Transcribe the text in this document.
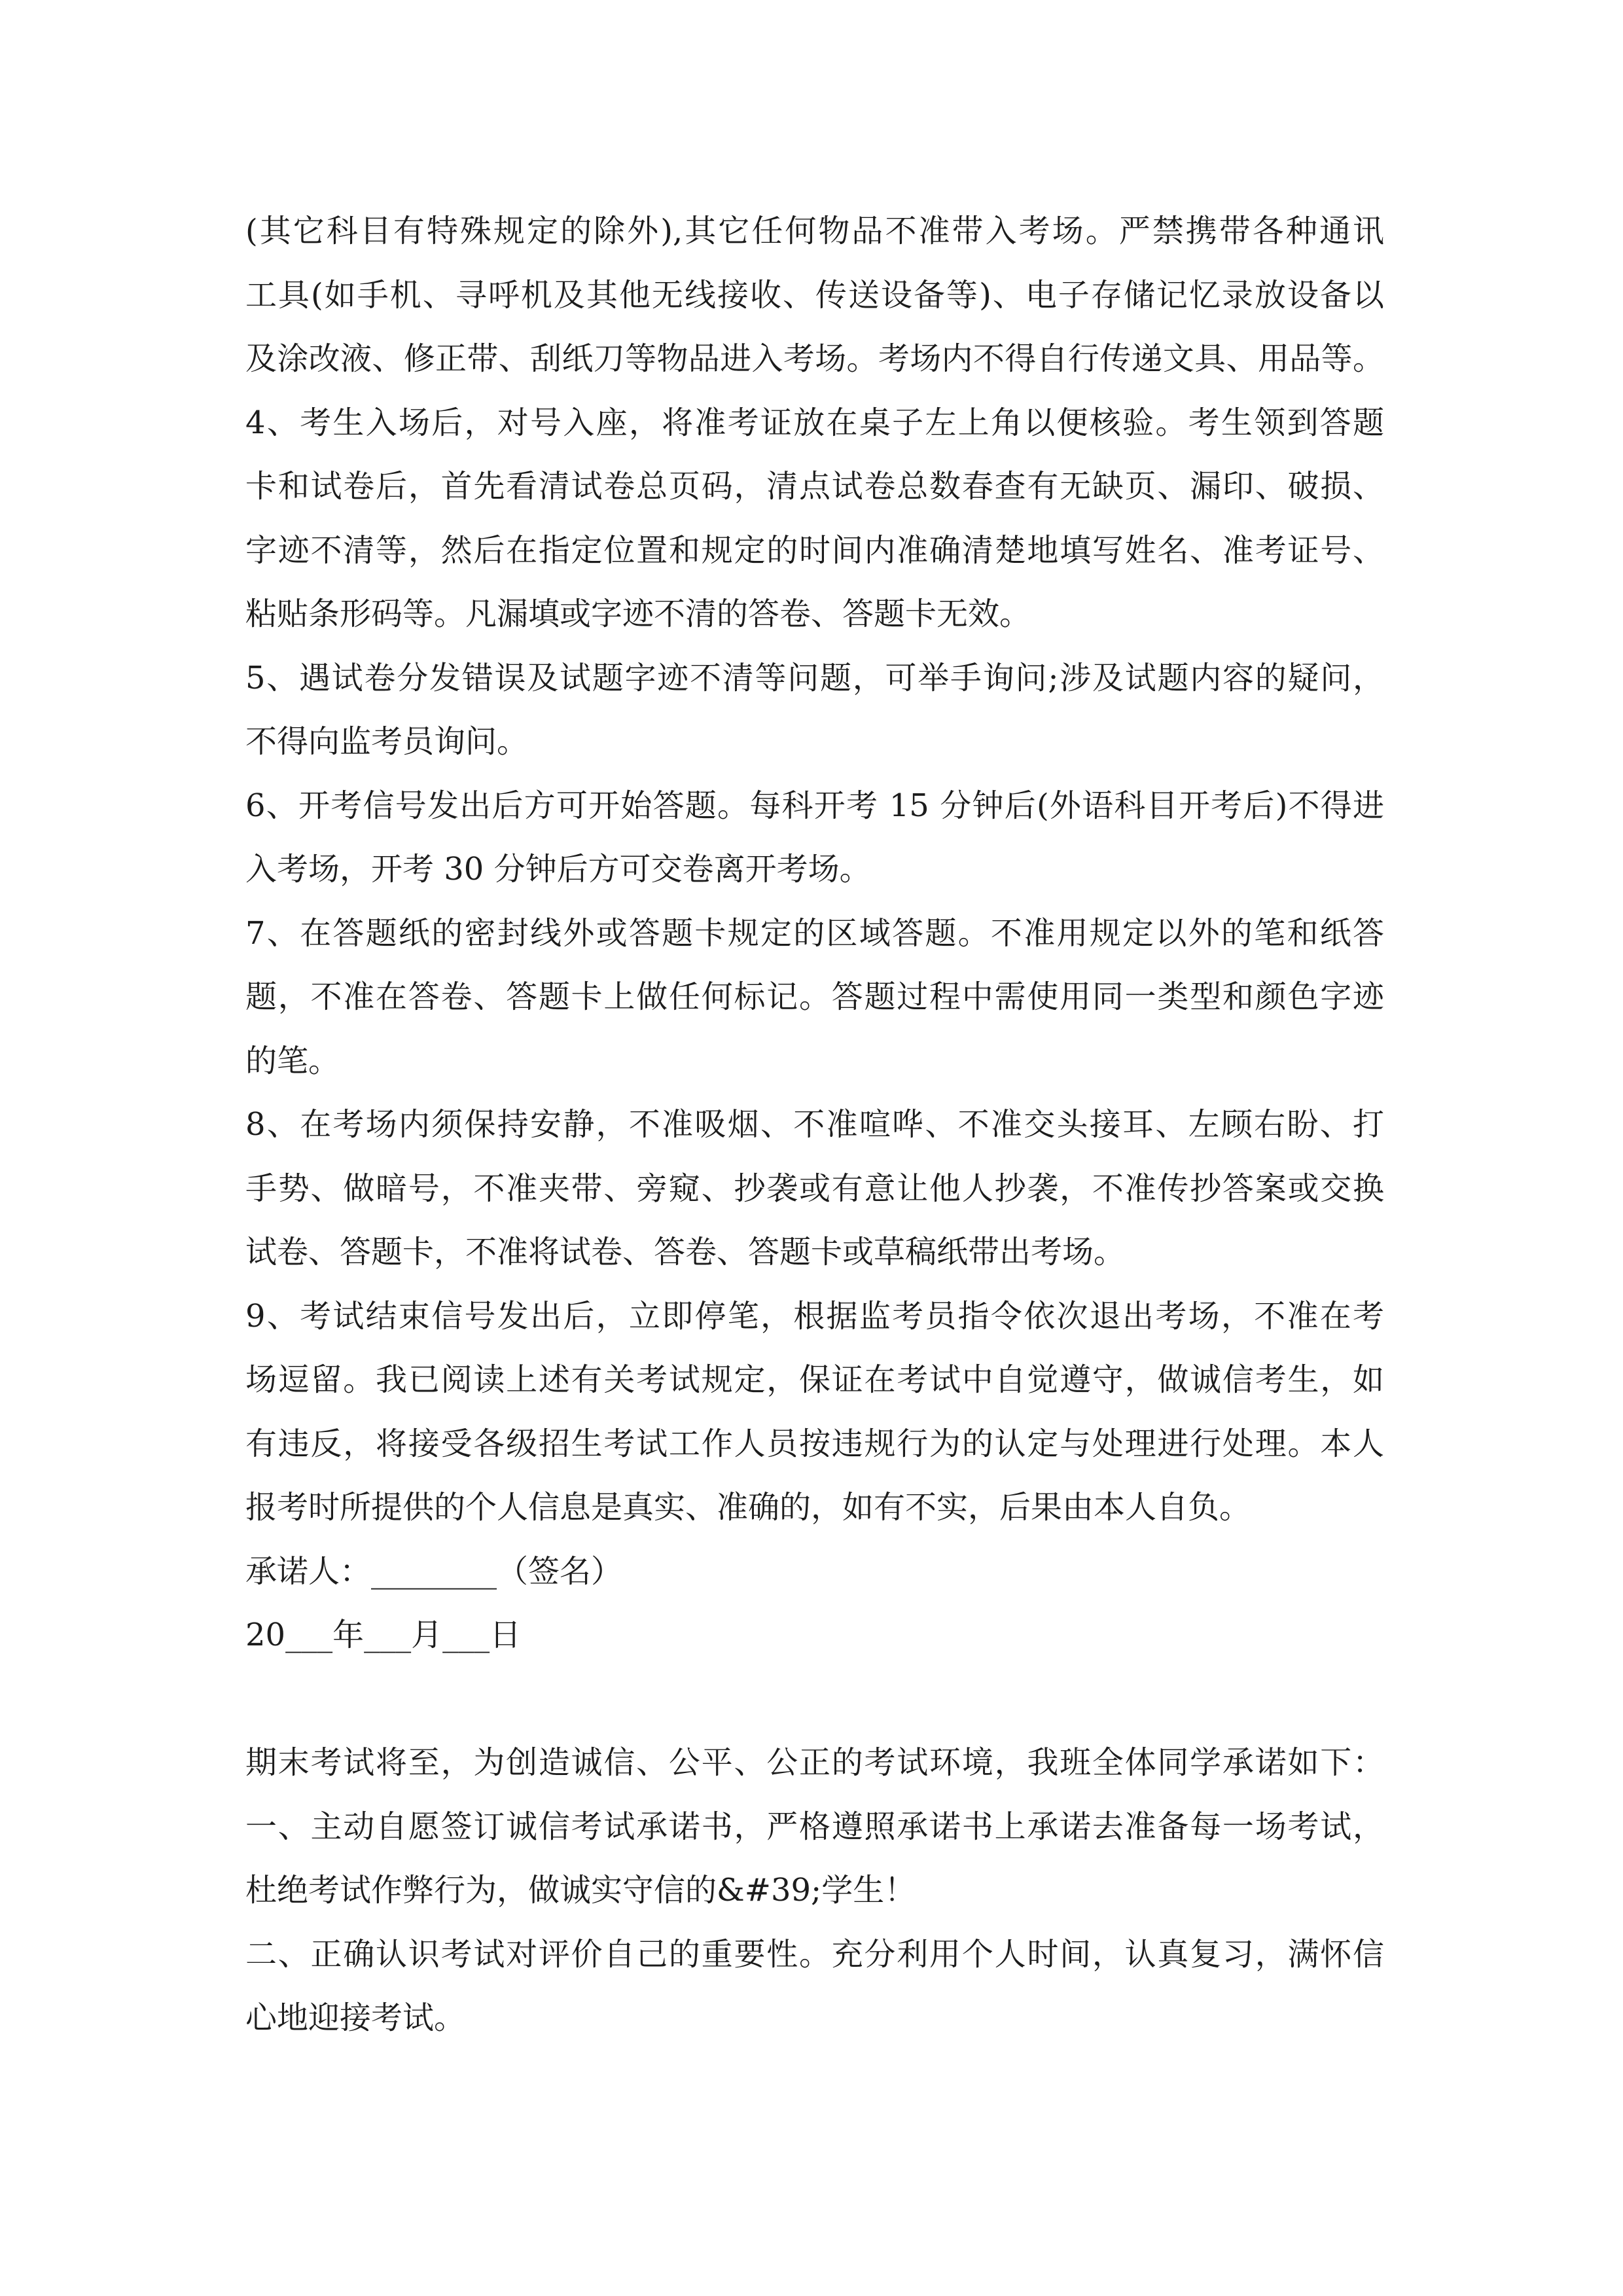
(其它科目有特殊规定的除外),其它任何物品不准带入考场。严禁携带各种通讯
工具(如手机、寻呼机及其他无线接收、传送设备等)、电子存储记忆录放设备以
及涂改液、修正带、刮纸刀等物品进入考场。考场内不得自行传递文具、用品等。
4、考生入场后，对号入座，将准考证放在桌子左上角以便核验。考生领到答题
卡和试卷后，首先看清试卷总页码，清点试卷总数春查有无缺页、漏印、破损、
字迹不清等，然后在指定位置和规定的时间内准确清楚地填写姓名、准考证号、
粘贴条形码等。凡漏填或字迹不清的答卷、答题卡无效。
5、遇试卷分发错误及试题字迹不清等问题，可举手询问;涉及试题内容的疑问，
不得向监考员询问。
6、开考信号发出后方可开始答题。每科开考 15 分钟后(外语科目开考后)不得进
入考场，开考 30 分钟后方可交卷离开考场。
7、在答题纸的密封线外或答题卡规定的区域答题。不准用规定以外的笔和纸答
题，不准在答卷、答题卡上做任何标记。答题过程中需使用同一类型和颜色字迹
的笔。
8、在考场内须保持安静，不准吸烟、不准喧哗、不准交头接耳、左顾右盼、打
手势、做暗号，不准夹带、旁窥、抄袭或有意让他人抄袭，不准传抄答案或交换
试卷、答题卡，不准将试卷、答卷、答题卡或草稿纸带出考场。
9、考试结束信号发出后，立即停笔，根据监考员指令依次退出考场，不准在考
场逗留。我已阅读上述有关考试规定，保证在考试中自觉遵守，做诚信考生，如
有违反，将接受各级招生考试工作人员按违规行为的认定与处理进行处理。本人
报考时所提供的个人信息是真实、准确的，如有不实，后果由本人自负。
承诺人：________（签名）
20___年___月___日
期末考试将至，为创造诚信、公平、公正的考试环境，我班全体同学承诺如下：
一、主动自愿签订诚信考试承诺书，严格遵照承诺书上承诺去准备每一场考试，
杜绝考试作弊行为，做诚实守信的&#39;学生！
二、正确认识考试对评价自己的重要性。充分利用个人时间，认真复习，满怀信
心地迎接考试。
